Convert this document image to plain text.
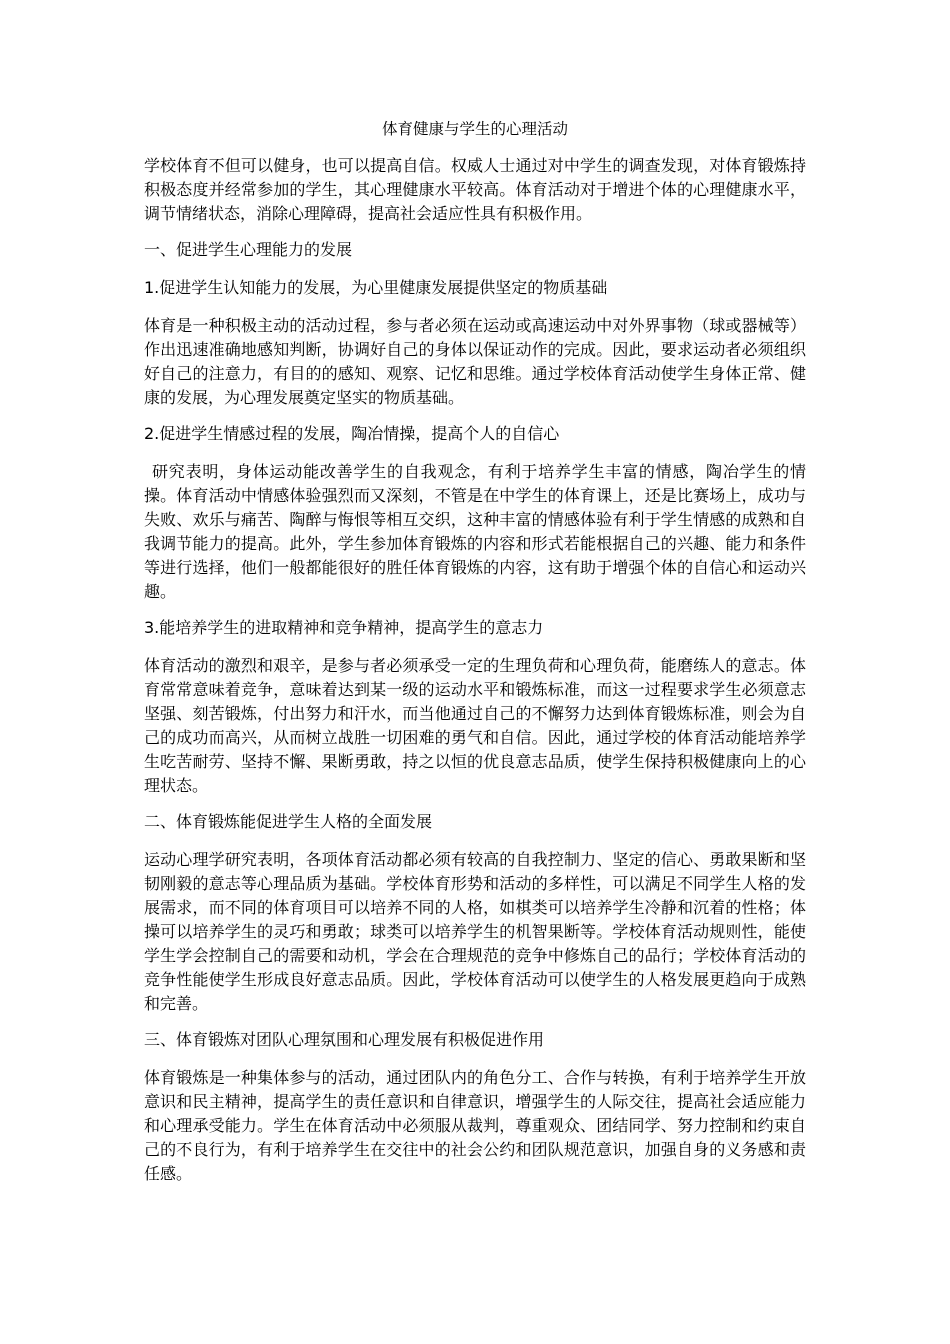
体育健康与学生的心理活动

学校体育不但可以健身，也可以提高自信。权威人士通过对中学生的调查发现，对体育锻炼持积极态度并经常参加的学生，其心理健康水平较高。体育活动对于增进个体的心理健康水平，调节情绪状态，消除心理障碍，提高社会适应性具有积极作用。

一、促进学生心理能力的发展

1.促进学生认知能力的发展，为心里健康发展提供坚定的物质基础

体育是一种积极主动的活动过程，参与者必须在运动或高速运动中对外界事物（球或器械等）作出迅速准确地感知判断，协调好自己的身体以保证动作的完成。因此，要求运动者必须组织好自己的注意力，有目的的感知、观察、记忆和思维。通过学校体育活动使学生身体正常、健康的发展，为心理发展奠定坚实的物质基础。

2.促进学生情感过程的发展，陶冶情操，提高个人的自信心

研究表明，身体运动能改善学生的自我观念，有利于培养学生丰富的情感，陶冶学生的情操。体育活动中情感体验强烈而又深刻，不管是在中学生的体育课上，还是比赛场上，成功与失败、欢乐与痛苦、陶醉与悔恨等相互交织，这种丰富的情感体验有利于学生情感的成熟和自我调节能力的提高。此外，学生参加体育锻炼的内容和形式若能根据自己的兴趣、能力和条件等进行选择，他们一般都能很好的胜任体育锻炼的内容，这有助于增强个体的自信心和运动兴趣。

3.能培养学生的进取精神和竞争精神，提高学生的意志力

体育活动的激烈和艰辛，是参与者必须承受一定的生理负荷和心理负荷，能磨练人的意志。体育常常意味着竞争，意味着达到某一级的运动水平和锻炼标准，而这一过程要求学生必须意志坚强、刻苦锻炼，付出努力和汗水，而当他通过自己的不懈努力达到体育锻炼标准，则会为自己的成功而高兴，从而树立战胜一切困难的勇气和自信。因此，通过学校的体育活动能培养学生吃苦耐劳、坚持不懈、果断勇敢，持之以恒的优良意志品质，使学生保持积极健康向上的心理状态。

二、体育锻炼能促进学生人格的全面发展

运动心理学研究表明，各项体育活动都必须有较高的自我控制力、坚定的信心、勇敢果断和坚韧刚毅的意志等心理品质为基础。学校体育形势和活动的多样性，可以满足不同学生人格的发展需求，而不同的体育项目可以培养不同的人格，如棋类可以培养学生冷静和沉着的性格；体操可以培养学生的灵巧和勇敢；球类可以培养学生的机智果断等。学校体育活动规则性，能使学生学会控制自己的需要和动机，学会在合理规范的竞争中修炼自己的品行；学校体育活动的竞争性能使学生形成良好意志品质。因此，学校体育活动可以使学生的人格发展更趋向于成熟和完善。

三、体育锻炼对团队心理氛围和心理发展有积极促进作用

体育锻炼是一种集体参与的活动，通过团队内的角色分工、合作与转换，有利于培养学生开放意识和民主精神，提高学生的责任意识和自律意识，增强学生的人际交往，提高社会适应能力和心理承受能力。学生在体育活动中必须服从裁判，尊重观众、团结同学、努力控制和约束自己的不良行为，有利于培养学生在交往中的社会公约和团队规范意识，加强自身的义务感和责任感。
